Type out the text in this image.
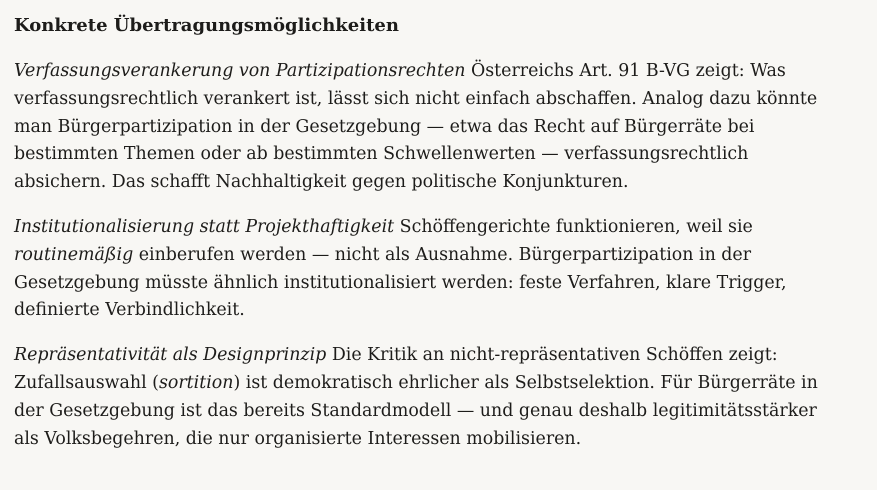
Konkrete Übertragungsmöglichkeiten

Verfassungsverankerung von Partizipationsrechten Österreichs Art. 91 B-VG zeigt: Was
verfassungsrechtlich verankert ist, lässt sich nicht einfach abschaffen. Analog dazu könnte
man Bürgerpartizipation in der Gesetzgebung — etwa das Recht auf Bürgerräte bei
bestimmten Themen oder ab bestimmten Schwellenwerten — verfassungsrechtlich
absichern. Das schafft Nachhaltigkeit gegen politische Konjunkturen.

Institutionalisierung statt Projekthaftigkeit Schöffengerichte funktionieren, weil sie
routinemäßig einberufen werden — nicht als Ausnahme. Bürgerpartizipation in der
Gesetzgebung müsste ähnlich institutionalisiert werden: feste Verfahren, klare Trigger,
definierte Verbindlichkeit.

Repräsentativität als Designprinzip Die Kritik an nicht-repräsentativen Schöffen zeigt:
Zufallsauswahl (sortition) ist demokratisch ehrlicher als Selbstselektion. Für Bürgerräte in
der Gesetzgebung ist das bereits Standardmodell — und genau deshalb legitimitätsstärker
als Volksbegehren, die nur organisierte Interessen mobilisieren.
